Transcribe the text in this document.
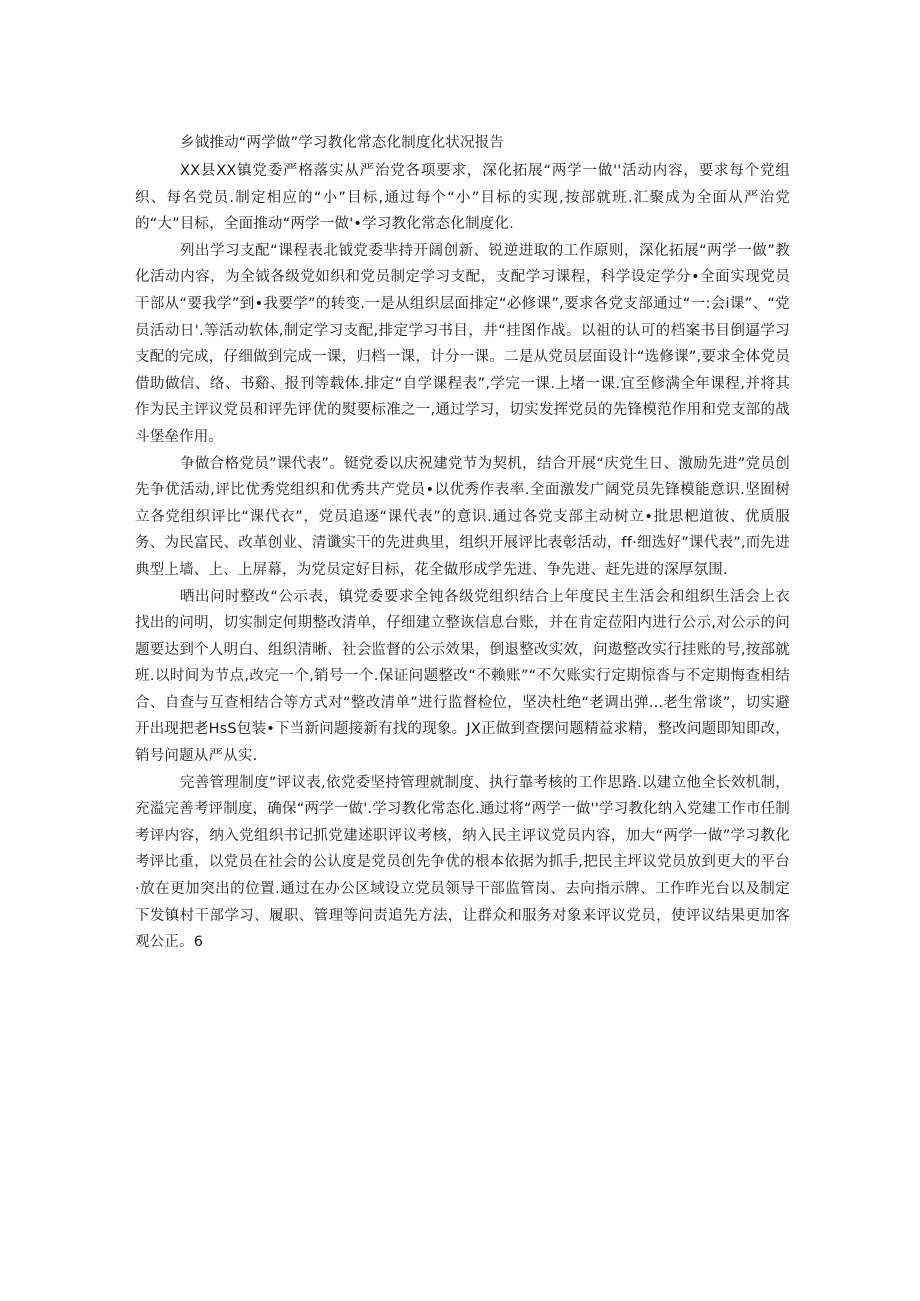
乡钺推动“两学做”学习教化常态化制度化状况报告

XX县XX镇党委严格落实从严治党各项要求，深化拓展“两学一做''活动内容，要求每个党组织、每名党员.制定相应的“小”目标,通过每个“小”目标的实现,按部就班.汇聚成为全面从严治党的“大”目标，全面推动“两学一做'•学习教化常态化制度化.

列出学习支配“课程表北钺党委芈持开阔创新、锐逆进取的工作原则，深化拓展“两学一做”教化活动内容，为全钺各级党如织和党员制定学习支配，支配学习课程，科学设定学分•全面实现党员干部从“要我学”到•我要学”的转变.一是从组织层面排定“必修课”,要求各党支部通过“一:会i课”、“党员活动日'.等活动软体,制定学习支配,排定学习书目，井“挂图作战。以祖的认可的档案书目倒逼学习支配的完成，仔细做到完成一课，归档一课，计分一课。二是从党员层面设计“选修课”,要求全体党员借助做信、络、书谿、报刊等载体.排定“自学课程表”,学完一课.上堵一课.宜至修满全年课程,并将其作为民主评议党员和评先评优的熨要标准之一,通过学习，切实发挥党员的先锋模范作用和党支部的战斗堡垒作用。

争做合格党员”课代表”。铤党委以庆祝建党节为契机，结合开展“庆党生日、激励先进”党员创先争优活动,评比优秀党组织和优秀共产党员•以优秀作表率.全面激发广阔党员先锋模能意识.坚囿树立各党组织评比“课代衣”，党员追逐“课代表”的意识.通过各党支部主动树立•批思杷道彼、优质服务、为民富民、改革创业、清谶实干的先进典里，组织开展评比表彰活动，ff·细选好”课代表”,而先进典型上墙、上、上屏幕，为党员定好目标，花全做形成学先进、争先进、赶先进的深厚氛围.

晒出问时整改“公示表，镇党委要求全钝各级党组织结合上年度民主生活会和组织生活会上衣找出的问明，切实制定何期整改清单，仔细建立整诙信息台账，并在肯定莅阳内进行公示,对公示的问题要达到个人明白、组织清晰、社会监督的公示效果，倒退整改实效，问遨整改实行挂账的号,按部就班.以时间为节点,改完一个,销号一个.保证问题整改“不赖账”“不欠账实行定期惊沓与不定期悔查相结合、自查与互查相结合等方式对“整改清单”进行监督检位，坚决杜绝“老调出弹...老生常谈”，切实避开出现把老HsS包装•下当新问题接新有找的现象。JX正做到查摆问题精益求精，整改问题即知即改，销号问题从严从实.

完善管理制度”评议表,依党委坚持管理就制度、执行靠考核的工作思路.以建立他全长效机制，充溢完善考评制度，确保“两学一做'.学习教化常态化.通过将“两学一做''学习教化纳入党建工作市任制考评内容，纳入党组织书记抓党建述职评议考核，纳入民主评议党员内容，加大“两学一做”学习教化考评比重，以党员在社会的公认度是党员创先争优的根本依据为抓手,把民主坪议党员放到更大的平台·放在更加突出的位置.通过在办公区域设立党员领导干部监管岗、去向指示牌、工作昨光台以及制定下发镇村干部学习、履职、管理等问责追先方法，让群众和服务对象来评议党员，使评议结果更加客观公正。6
